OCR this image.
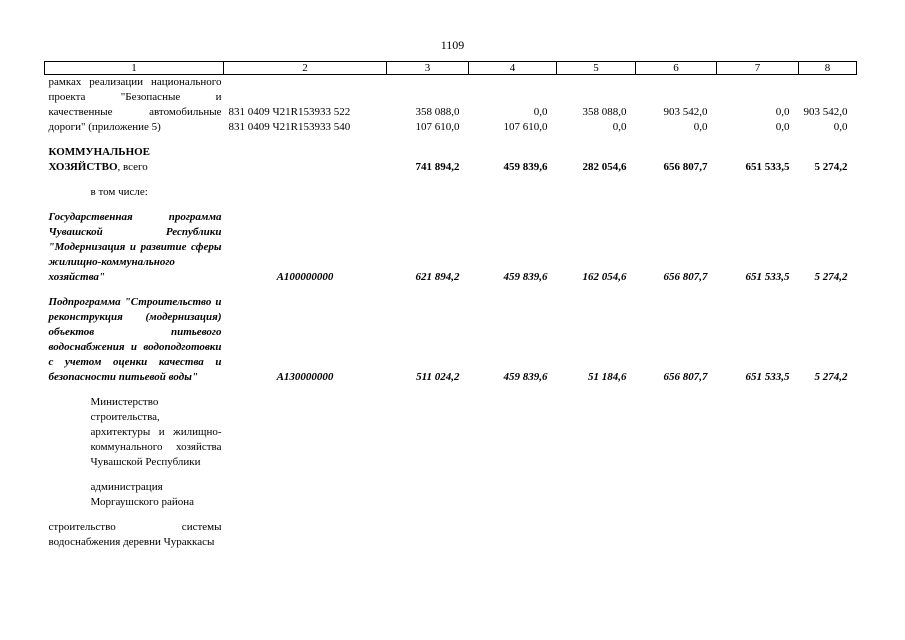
1109
1	2	3	4	5	6	7	8
рамках реализации национального проекта "Безопасные и качественные автомобильные дороги" (приложение 5)							
	831 0409 Ч21R153933 522	358 088,0	0,0	358 088,0	903 542,0	0,0	903 542,0
	831 0409 Ч21R153933 540	107 610,0	107 610,0	0,0	0,0	0,0	0,0

КОММУНАЛЬНОЕ ХОЗЯЙСТВО, всего		741 894,2	459 839,6	282 054,6	656 807,7	651 533,5	5 274,2

в том числе:							

Государственная программа Чувашской Республики "Модернизация и развитие сферы жилищно-коммунального хозяйства"	А100000000	621 894,2	459 839,6	162 054,6	656 807,7	651 533,5	5 274,2

Подпрограмма "Строительство и реконструкция (модернизация) объектов питьевого водоснабжения и водоподготовки с учетом оценки качества и безопасности питьевой воды"	А130000000	511 024,2	459 839,6	51 184,6	656 807,7	651 533,5	5 274,2

Министерство строительства, архитектуры и жилищно-коммунального хозяйства Чувашской Республики							

администрация Моргаушского района							

строительство системы водоснабжения деревни Чураккасы							
